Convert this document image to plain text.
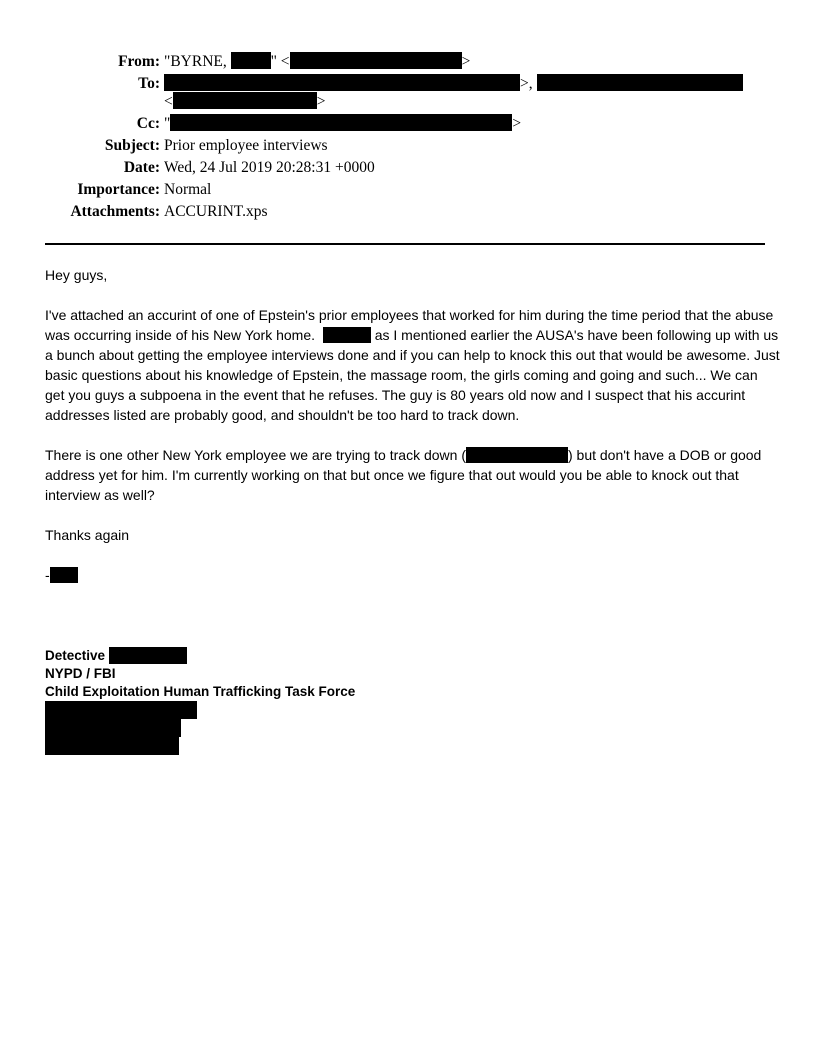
From: "BYRNE,	" <	>
To:	>,
<	>
Cc: "	>
Subject: Prior employee interviews
Date: Wed, 24 Jul 2019 20:28:31 +0000
Importance: Normal
Attachments: ACCURINT.xps

Hey guys,

I've attached an accurint of one of Epstein's prior employees that worked for him during the time period that the abuse was occurring inside of his New York home.	as I mentioned earlier the AUSA's have been following up with us a bunch about getting the employee interviews done and if you can help to knock this out that would be awesome. Just basic questions about his knowledge of Epstein, the massage room, the girls coming and going and such... We can get you guys a subpoena in the event that he refuses. The guy is 80 years old now and I suspect that his accurint addresses listed are probably good, and shouldn't be too hard to track down.

There is one other New York employee we are trying to track down (	) but don't have a DOB or good address yet for him. I'm currently working on that but once we figure that out would you be able to knock out that interview as well?

Thanks again

-

Detective
NYPD / FBI
Child Exploitation Human Trafficking Task Force
